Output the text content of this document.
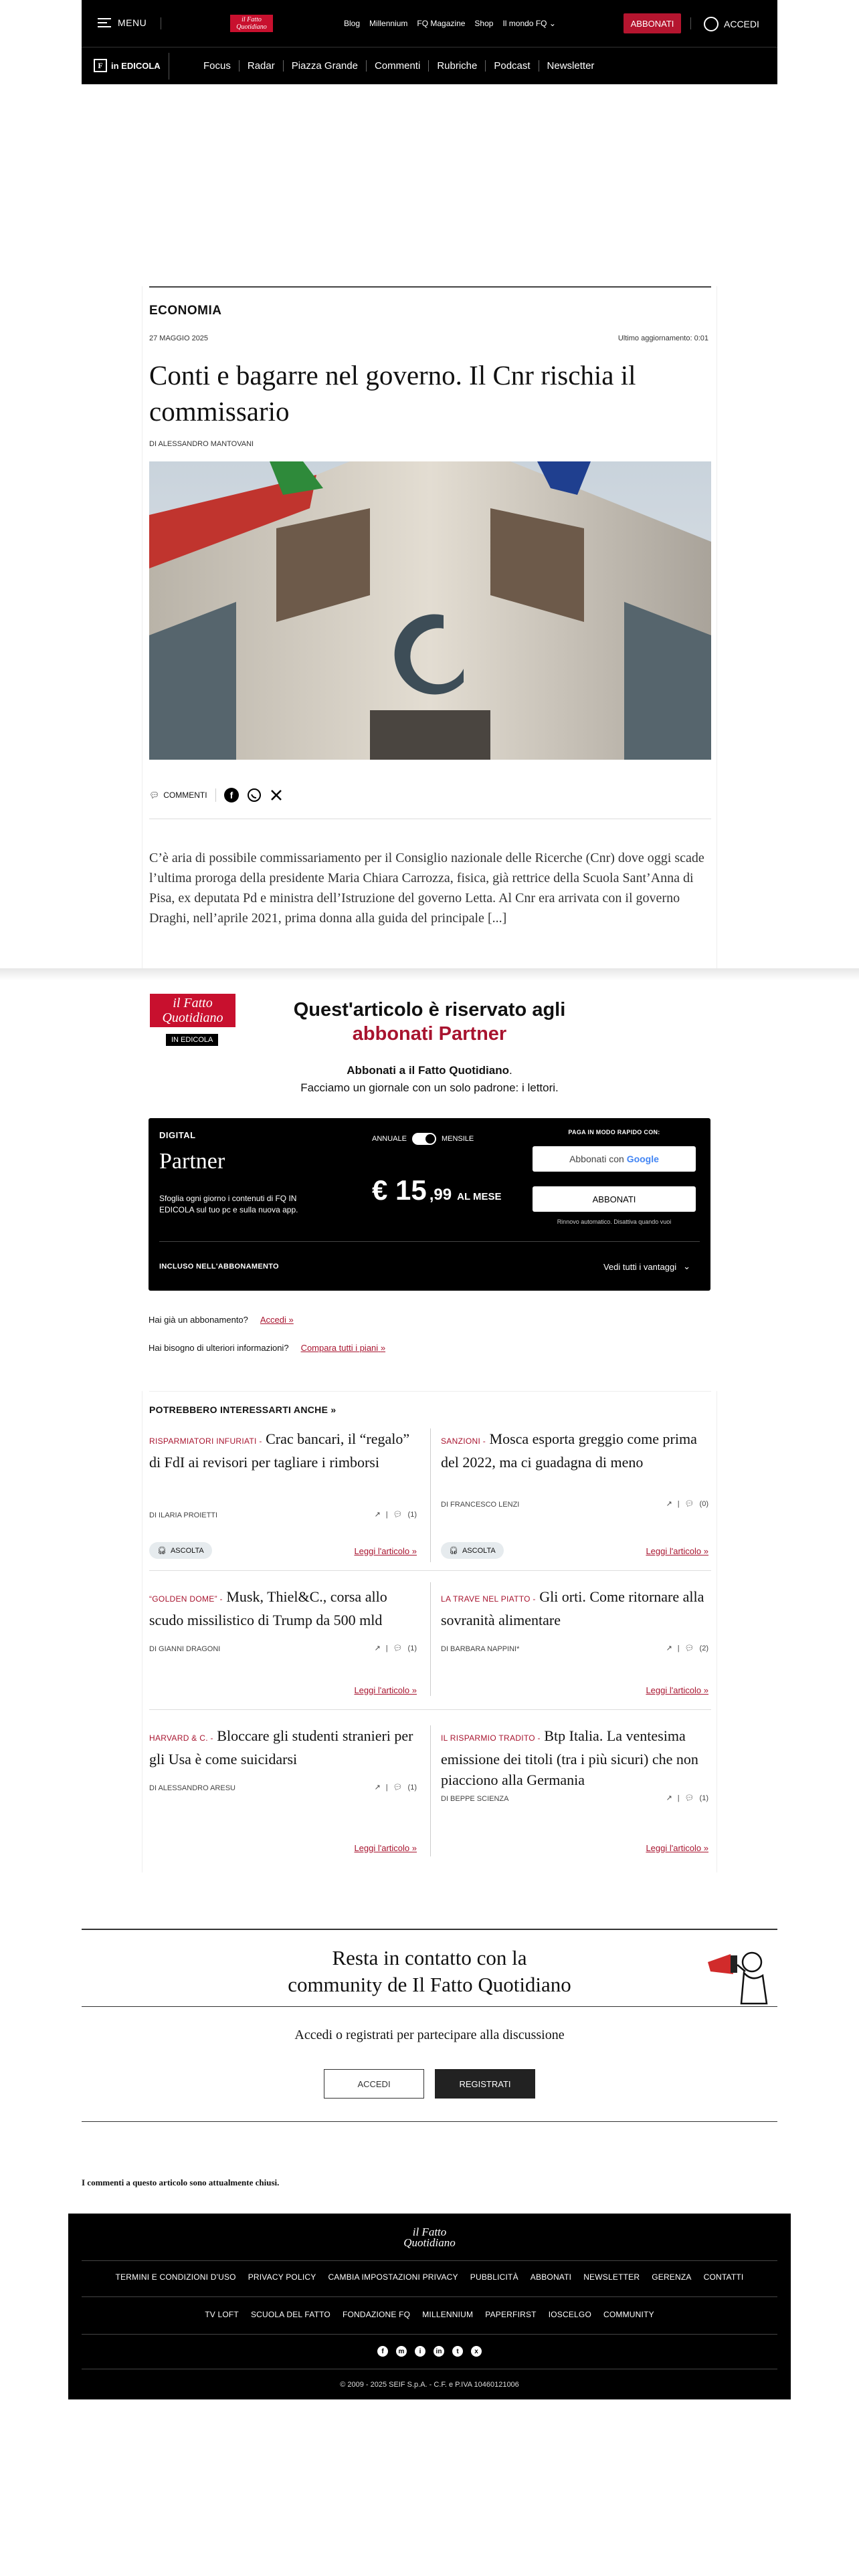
MENU	il Fatto Quotidiano	Blog Millennium FQ Magazine Shop Il mondo FQ ⌄	ABBONATI	ACCEDI
F in EDICOLA	Focus	Radar	Piazza Grande	Commenti	Rubriche	Podcast	Newsletter
ECONOMIA
27 MAGGIO 2025	Ultimo aggiornamento: 0:01
Conti e bagarre nel governo. Il Cnr rischia il commissario
DI ALESSANDRO MANTOVANI
💬︎ COMMENTI f

C’è aria di possibile commissariamento per il Consiglio nazionale delle Ricerche (Cnr) dove oggi scade l’ultima proroga della presidente Maria Chiara Carrozza, fisica, già rettrice della Scuola Sant’Anna di Pisa, ex deputata Pd e ministra dell’Istruzione del governo Letta. Al Cnr era arrivata con il governo Draghi, nell’aprile 2021, prima donna alla guida del principale [...]

il Fatto Quotidiano
IN EDICOLA
Quest'articolo è riservato agli
abbonati Partner
Abbonati a il Fatto Quotidiano.
Facciamo un giornale con un solo padrone: i lettori.
DIGITAL
Partner
Sfoglia ogni giorno i contenuti di FQ IN EDICOLA sul tuo pc e sulla nuova app.
ANNUALE	MENSILE
€ 15 ,99 AL MESE
PAGA IN MODO RAPIDO CON:
Abbonati con
Google
ABBONATI
Rinnovo automatico. Disattiva quando vuoi
INCLUSO NELL'ABBONAMENTO	Vedi tutti i vantaggi ⌄
Hai già un abbonamento? Accedi »
Hai bisogno di ulteriori informazioni? Compara tutti i piani »
POTREBBERO INTERESSARTI ANCHE »
RISPARMIATORI INFURIATI - Crac bancari, il “regalo” di FdI ai revisori per tagliare i rimborsi
DI ILARIA PROIETTI	↗ | 💬︎ (1)
🎧︎ ASCOLTA	Leggi l'articolo »
SANZIONI - Mosca esporta greggio come prima del 2022, ma ci guadagna di meno
DI FRANCESCO LENZI	↗ | 💬︎ (0)
🎧︎ ASCOLTA	Leggi l'articolo »
“GOLDEN DOME” - Musk, Thiel&C., corsa allo scudo missilistico di Trump da 500 mld
DI GIANNI DRAGONI	↗ | 💬︎ (1)
Leggi l'articolo »
LA TRAVE NEL PIATTO - Gli orti. Come ritornare alla sovranità alimentare
DI BARBARA NAPPINI*	↗ | 💬︎ (2)
Leggi l'articolo »
HARVARD & C. - Bloccare gli studenti stranieri per gli Usa è come suicidarsi
DI ALESSANDRO ARESU	↗ | 💬︎ (1)
Leggi l'articolo »
IL RISPARMIO TRADITO - Btp Italia. La ventesima emissione dei titoli (tra i più sicuri) che non piacciono alla Germania
DI BEPPE SCIENZA	↗ | 💬︎ (1)
Leggi l'articolo »
Resta in contatto con la
community de Il Fatto Quotidiano
Accedi o registrati per partecipare alla discussione
ACCEDI	REGISTRATI
I commenti a questo articolo sono attualmente chiusi.
il Fatto Quotidiano
TERMINI E CONDIZIONI D'USO PRIVACY POLICY CAMBIA IMPOSTAZIONI PRIVACY PUBBLICITÀ ABBONATI NEWSLETTER GERENZA CONTATTI
TV LOFT SCUOLA DEL FATTO FONDAZIONE FQ MILLENNIUM PAPERFIRST IOSCELGO COMMUNITY
f	m	i	in	t	x
© 2009 - 2025 SEIF S.p.A. - C.F. e P.IVA 10460121006
